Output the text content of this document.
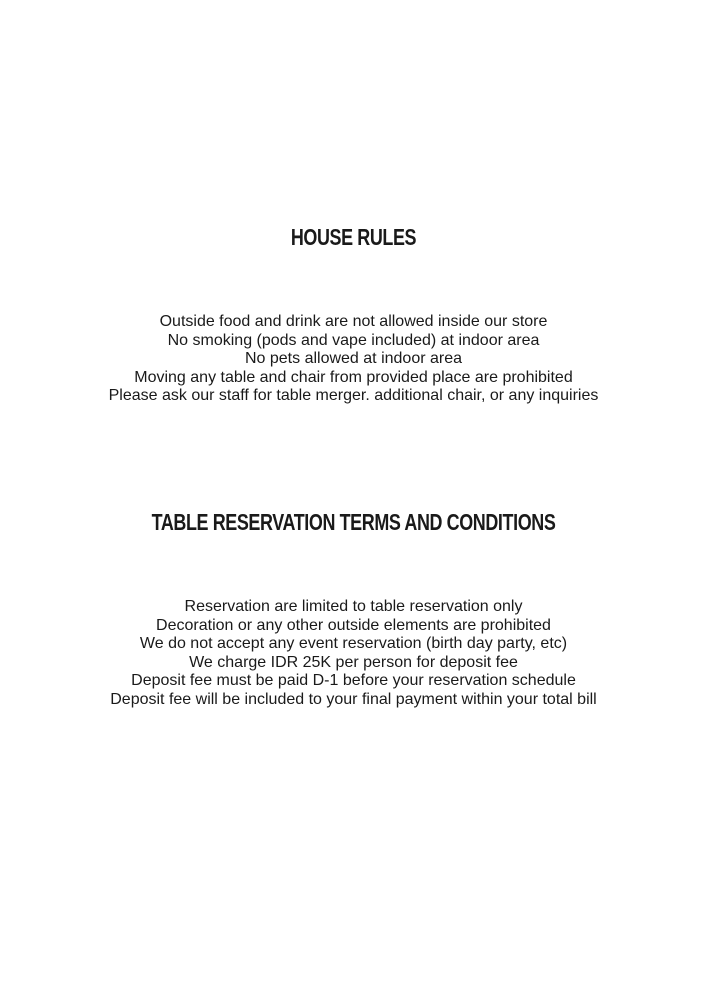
HOUSE RULES
Outside food and drink are not allowed inside our store
No smoking (pods and vape included) at indoor area
No pets allowed at indoor area
Moving any table and chair from provided place are prohibited
Please ask our staff for table merger. additional chair, or any inquiries
TABLE RESERVATION TERMS AND CONDITIONS
Reservation are limited to table reservation only
Decoration or any other outside elements are prohibited
We do not accept any event reservation (birth day party, etc)
We charge IDR 25K per person for deposit fee
Deposit fee must be paid D-1 before your reservation schedule
Deposit fee will be included to your final payment within your total bill
